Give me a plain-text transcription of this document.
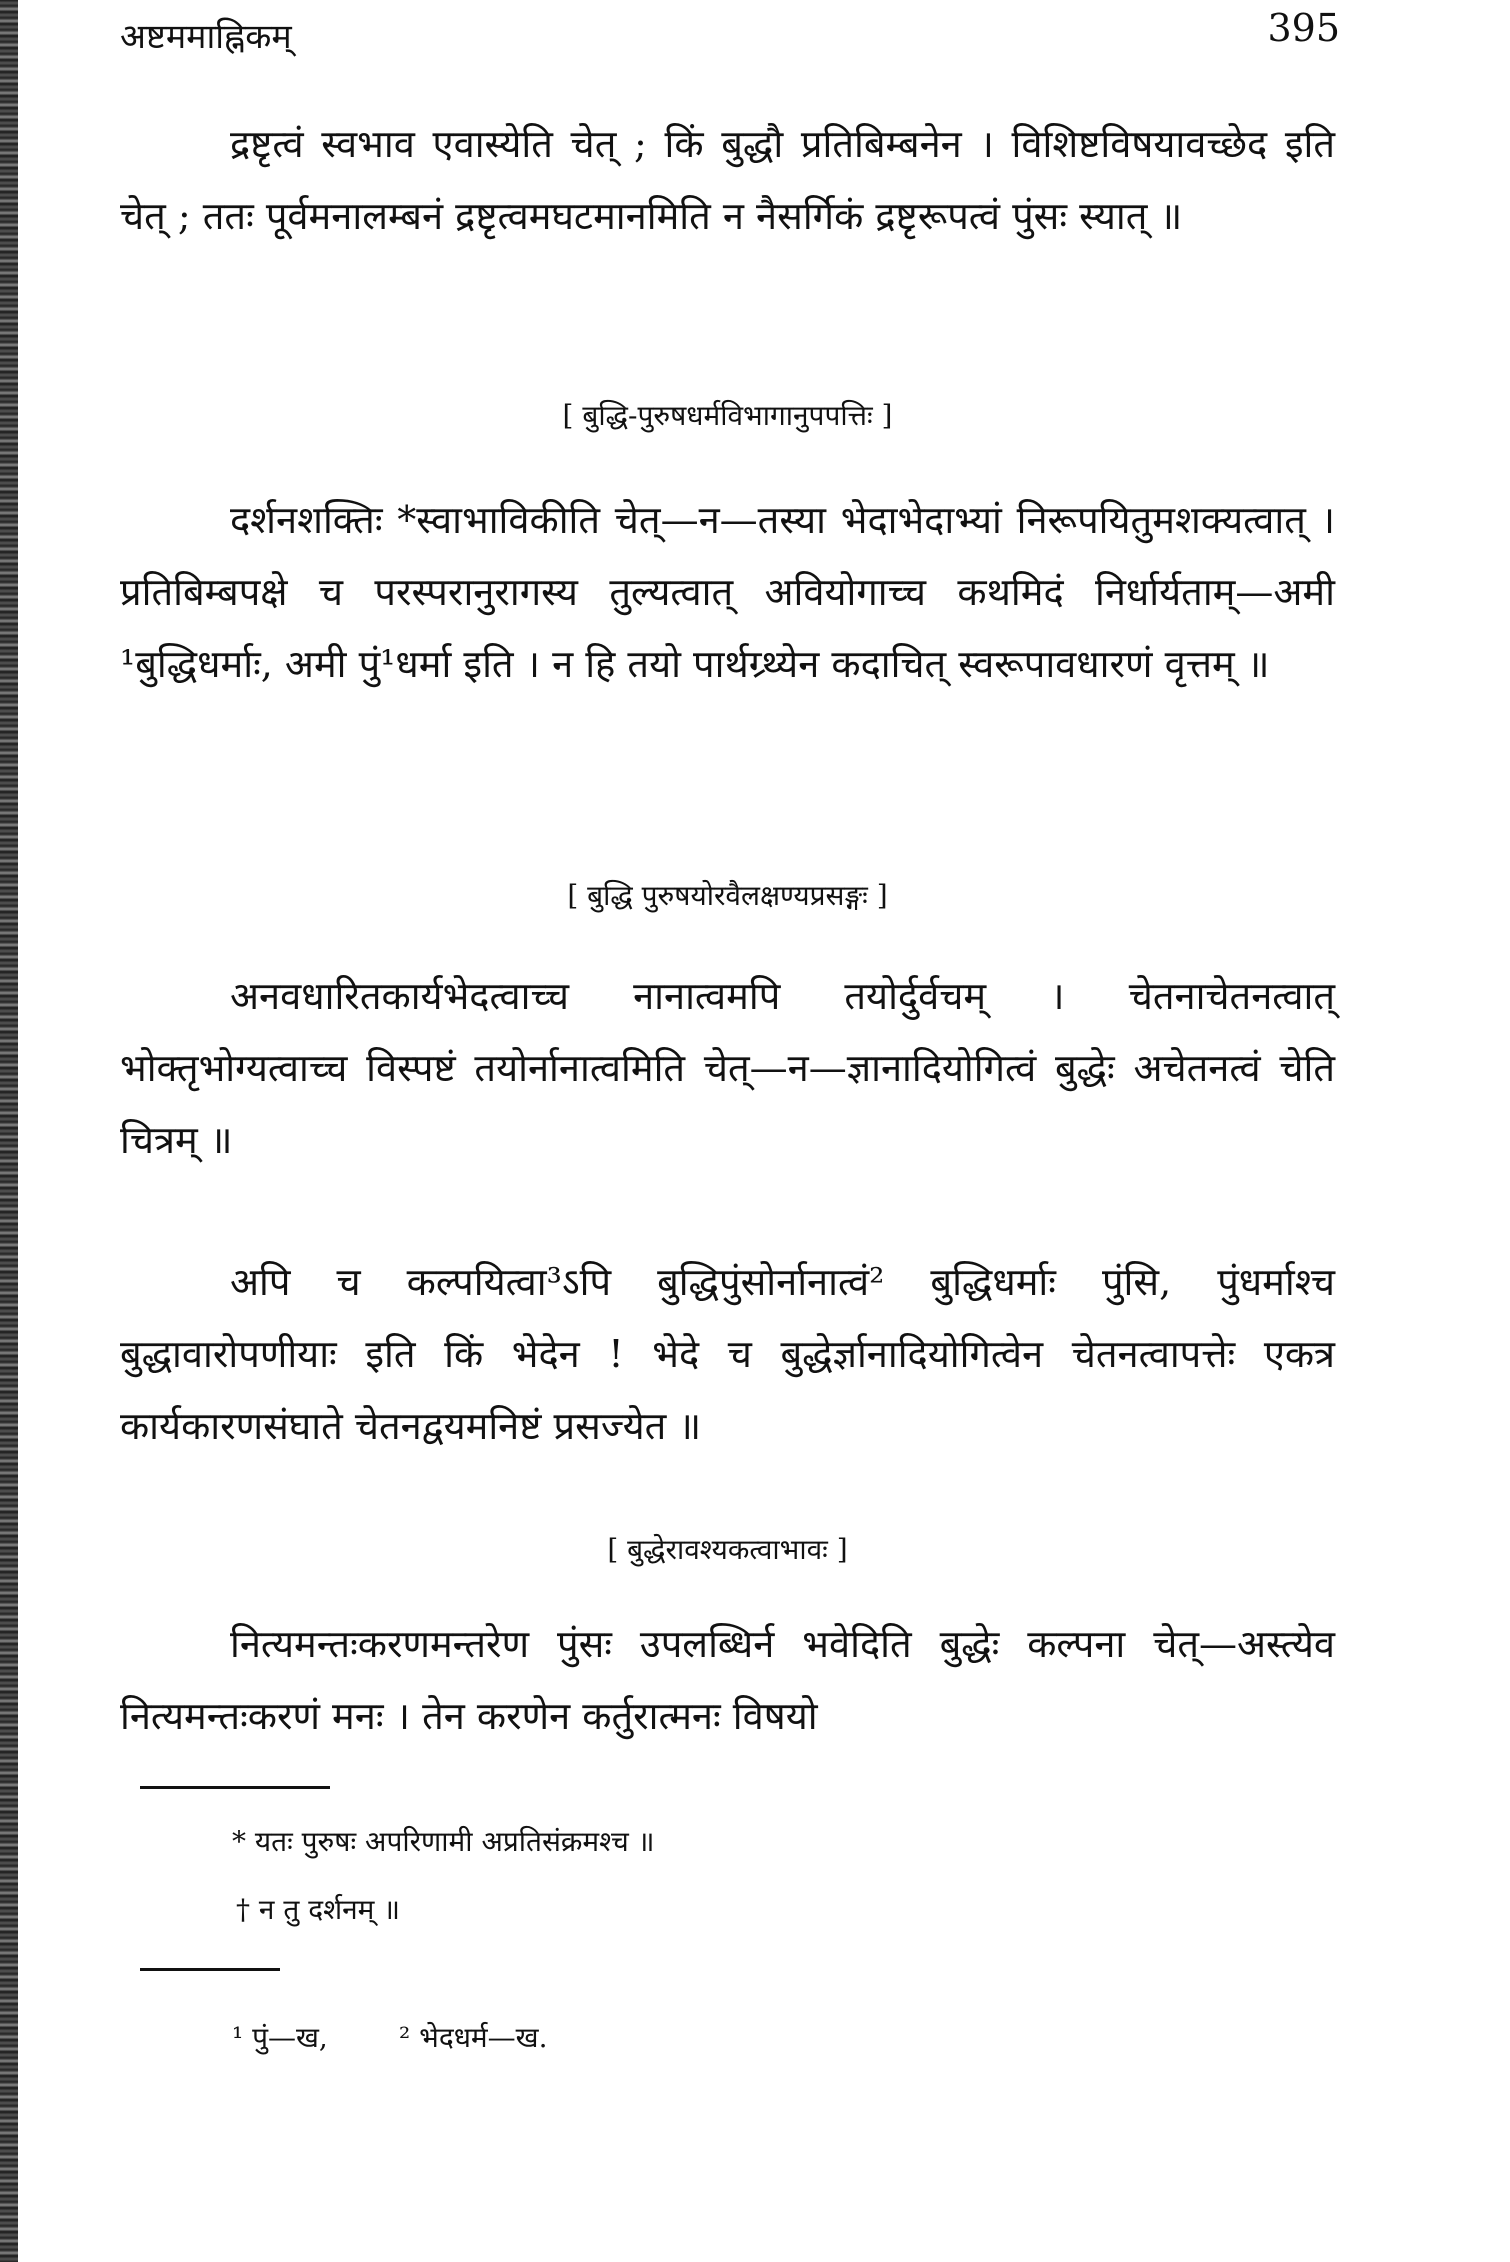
अष्टममाह्निकम्	395

द्रष्टृत्वं स्वभाव एवास्येति चेत् ; किं बुद्धौ प्रतिबिम्बनेन । विशिष्टविषयावच्छेद इति चेत् ; ततः पूर्वमनालम्बनं द्रष्टृत्वमघटमानमिति न नैसर्गिकं द्रष्टृरूपत्वं पुंसः स्यात् ॥

[ बुद्धि-पुरुषधर्मविभागानुपपत्तिः ]

दर्शनशक्तिः *स्वाभाविकीति चेत्—न—तस्या भेदाभेदाभ्यां निरूपयितुमशक्यत्वात् । प्रतिबिम्बपक्षे च परस्परानुरागस्य तुल्यत्वात् अवियोगाच्च कथमिदं निर्धार्यताम्—अमी ¹बुद्धिधर्माः, अमी पुं¹धर्मा इति । न हि तयो पार्थग्र्थ्येन कदाचित् स्वरूपावधारणं वृत्तम् ॥

[ बुद्धि पुरुषयोरवैलक्षण्यप्रसङ्गः ]

अनवधारितकार्यभेदत्वाच्च नानात्वमपि तयोर्दुर्वचम् । चेतनाचेतनत्वात् भोक्तृभोग्यत्वाच्च विस्पष्टं तयोर्नानात्वमिति चेत्—न—ज्ञानादियोगित्वं बुद्धेः अचेतनत्वं चेति चित्रम् ॥

अपि च कल्पयित्वा³ऽपि बुद्धिपुंसोर्नानात्वं² बुद्धिधर्माः पुंसि, पुंधर्माश्च बुद्धावारोपणीयाः इति किं भेदेन ! भेदे च बुद्धेर्ज्ञानादियोगित्वेन चेतनत्वापत्तेः एकत्र कार्यकारणसंघाते चेतनद्वयमनिष्टं प्रसज्येत ॥

[ बुद्धेरावश्यकत्वाभावः ]

नित्यमन्तःकरणमन्तरेण पुंसः उपलब्धिर्न भवेदिति बुद्धेः कल्पना चेत्—अस्त्येव नित्यमन्तःकरणं मनः । तेन करणेन कर्तुरात्मनः विषयो

* यतः पुरुषः अपरिणामी अप्रतिसंक्रमश्च ॥
† न तु दर्शनम् ॥
¹ पुं—ख,        ² भेदधर्म—ख.
